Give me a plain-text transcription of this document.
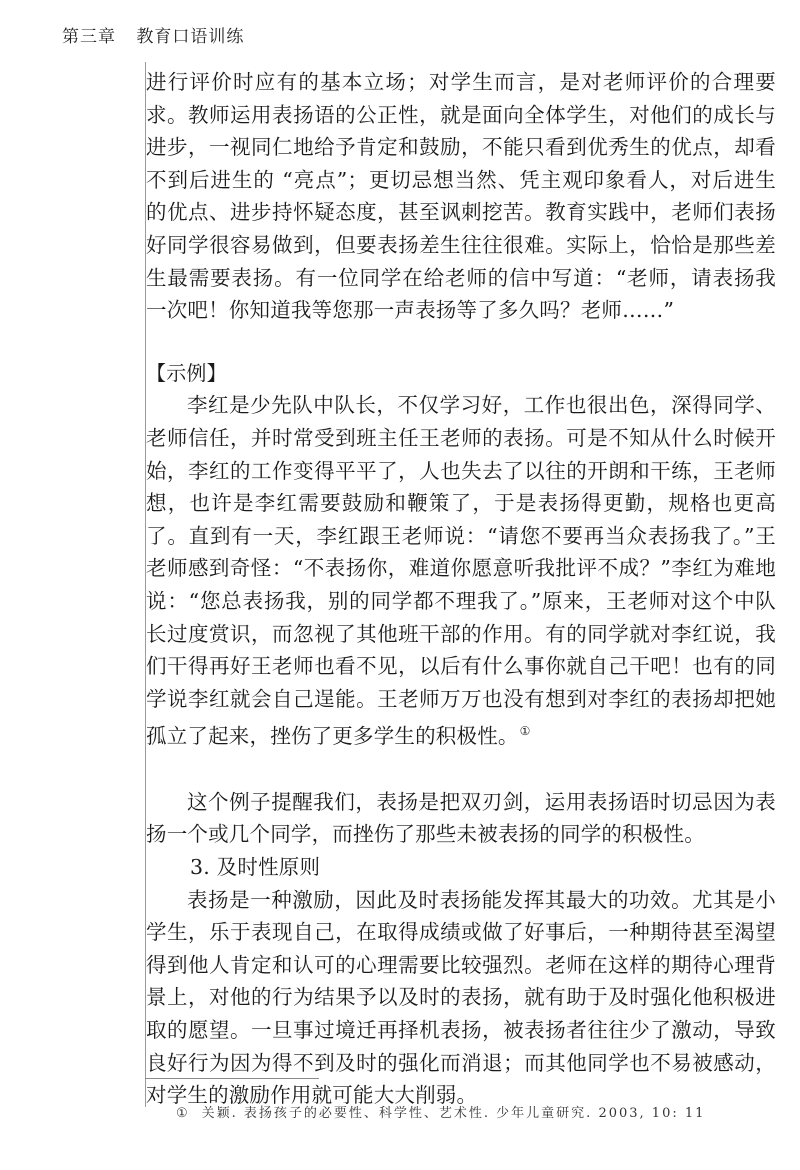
第三章 教育口语训练
进行评价时应有的基本立场；对学生而言，是对老师评价的合理要
求。教师运用表扬语的公正性，就是面向全体学生，对他们的成长与
进步，一视同仁地给予肯定和鼓励，不能只看到优秀生的优点，却看
不到后进生的 “亮点”；更切忌想当然、凭主观印象看人，对后进生
的优点、进步持怀疑态度，甚至讽刺挖苦。教育实践中，老师们表扬
好同学很容易做到，但要表扬差生往往很难。实际上，恰恰是那些差
生最需要表扬。有一位同学在给老师的信中写道：“老师，请表扬我
一次吧！你知道我等您那一声表扬等了多久吗？老师……”
【示例】
李红是少先队中队长，不仅学习好，工作也很出色，深得同学、
老师信任，并时常受到班主任王老师的表扬。可是不知从什么时候开
始，李红的工作变得平平了，人也失去了以往的开朗和干练，王老师
想，也许是李红需要鼓励和鞭策了，于是表扬得更勤，规格也更高
了。直到有一天，李红跟王老师说：“请您不要再当众表扬我了。”王
老师感到奇怪：“不表扬你，难道你愿意听我批评不成？”李红为难地
说：“您总表扬我，别的同学都不理我了。”原来，王老师对这个中队
长过度赏识，而忽视了其他班干部的作用。有的同学就对李红说，我
们干得再好王老师也看不见，以后有什么事你就自己干吧！也有的同
学说李红就会自己逞能。王老师万万也没有想到对李红的表扬却把她
孤立了起来，挫伤了更多学生的积极性。①
这个例子提醒我们，表扬是把双刃剑，运用表扬语时切忌因为表
扬一个或几个同学，而挫伤了那些未被表扬的同学的积极性。
3. 及时性原则
表扬是一种激励，因此及时表扬能发挥其最大的功效。尤其是小
学生，乐于表现自己，在取得成绩或做了好事后，一种期待甚至渴望
得到他人肯定和认可的心理需要比较强烈。老师在这样的期待心理背
景上，对他的行为结果予以及时的表扬，就有助于及时强化他积极进
取的愿望。一旦事过境迁再择机表扬，被表扬者往往少了激动，导致
良好行为因为得不到及时的强化而消退；而其他同学也不易被感动，
对学生的激励作用就可能大大削弱。
① 关颖. 表扬孩子的必要性、科学性、艺术性. 少年儿童研究. 2003, 10: 11
